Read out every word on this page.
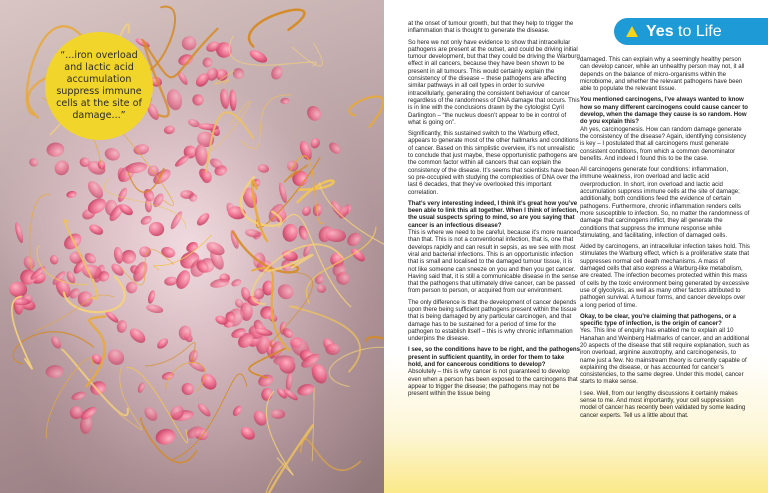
“...iron overload and lactic acid accumulation suppress immune cells at the site of damage...”

at the onset of tumour growth, but that they help to trigger the inflammation that is thought to generate the disease.

So here we not only have evidence to show that intracellular pathogens are present at the outset, and could be driving initial tumour development, but that they could be driving the Warburg effect in all cancers, because they have been shown to be present in all tumours. This would certainly explain the consistency of the disease – these pathogens are affecting similar pathways in all cell types in order to survive intracellularly, generating the consistent behaviour of cancer regardless of the randomness of DNA damage that occurs. This is in line with the conclusions drawn by the cytologist Cyril Darlington – “the nucleus doesn’t appear to be in control of what is going on”.

Significantly, this sustained switch to the Warburg effect, appears to generate most of the other hallmarks and conditions of cancer. Based on this simplistic overview, it’s not unrealistic to conclude that just maybe, these opportunistic pathogens are the common factor within all cancers that can explain the consistency of the disease. It’s seems that scientists have been so pre-occupied with studying the complexities of DNA over the last 6 decades, that they’ve overlooked this important correlation.

That’s very interesting indeed, I think it’s great how you’ve been able to link this all together. When I think of infection, the usual suspects spring to mind, so are you saying that cancer is an infectious disease?

This is where we need to be careful, because it’s more nuanced than that. This is not a conventional infection, that is, one that develops rapidly and can result in sepsis, as we see with most viral and bacterial infections. This is an opportunistic infection that is small and localised to the damaged tumour tissue, it is not like someone can sneeze on you and then you get cancer. Having said that, it is still a communicable disease in the sense that the pathogens that ultimately drive cancer, can be passed from person to person, or acquired from our environment.

The only difference is that the development of cancer depends upon there being sufficient pathogens present within the tissue that is being damaged by any particular carcinogen, and that damage has to be sustained for a period of time for the pathogen to establish itself – this is why chronic inflammation underpins the disease.

I see, so the conditions have to be right, and the pathogens present in sufficient quantity, in order for them to take hold, and for cancerous conditions to develop?

Absolutely – this is why cancer is not guaranteed to develop even when a person has been exposed to the carcinogens that appear to trigger the disease; the pathogens may not be present within the tissue being

damaged. This can explain why a seemingly healthy person can develop cancer, while an unhealthy person may not, it all depends on the balance of micro-organisms within the microbiome, and whether the relevant pathogens have been able to populate the relevant tissue.

You mentioned carcinogens, I’ve always wanted to know how so many different carcinogens could cause cancer to develop, when the damage they cause is so random. How do you explain this?

Ah yes, carcinogenesis. How can random damage generate the consistency of the disease? Again, identifying consistency is key – I postulated that all carcinogens must generate consistent conditions, from which a common denominator benefits. And indeed I found this to be the case.

All carcinogens generate four conditions: inflammation, immune weakness, iron overload and lactic acid overproduction. In short, iron overload and lactic acid accumulation suppress immune cells at the site of damage; additionally, both conditions feed the evidence of certain pathogens. Furthermore, chronic inflammation renders cells more susceptible to infection. So, no matter the randomness of damage that carcinogens inflict, they all generate the conditions that suppress the immune response while stimulating, and facilitating, infection of damaged cells.

Aided by carcinogens, an intracellular infection takes hold. This stimulates the Warburg effect, which is a proliferative state that suppresses normal cell death mechanisms. A mass of damaged cells that also express a Warburg-like metabolism, are created. The infection becomes protected within this mass of cells by the toxic environment being generated by excessive use of glycolysis, as well as many other factors attributed to pathogen survival. A tumour forms, and cancer develops over a long period of time.

Okay, to be clear, you’re claiming that pathogens, or a specific type of infection, is the origin of cancer?

Yes. This line of enquiry has enabled me to explain all 10 Hanahan and Weinberg Hallmarks of cancer, and an additional 20 aspects of the disease that still require explanation, such as iron overload, arginine auxotrophy, and carcinogenesis, to name just a few. No mainstream theory is currently capable of explaining the disease, or has accounted for cancer’s consistencies, to the same degree. Under this model, cancer starts to make sense.

I see. Well, from our lengthy discussions it certainly makes sense to me. And most importantly, your cell suppression model of cancer has recently been validated by some leading cancer experts. Tell us a little about that.

Yes to Life
